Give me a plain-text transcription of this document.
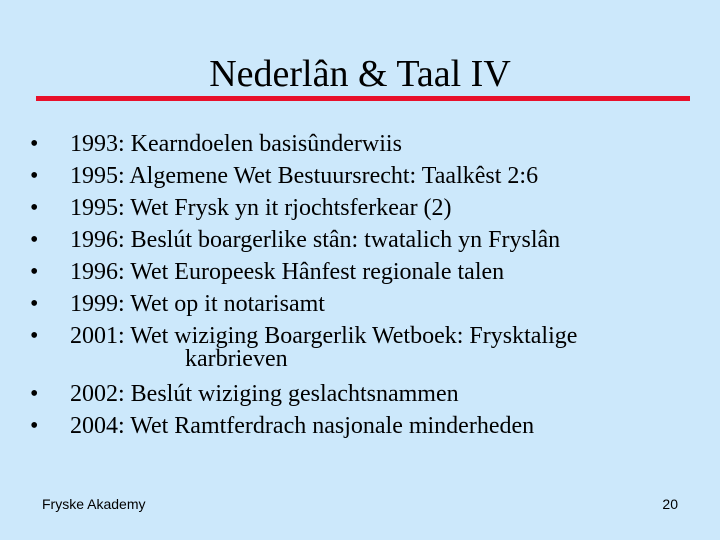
Nederlân & Taal IV
• 1993: Kearndoelen basisûnderwiis
• 1995: Algemene Wet Bestuursrecht: Taalkêst 2:6
• 1995: Wet Frysk yn it rjochtsferkear (2)
• 1996: Beslút boargerlike stân: twatalich yn Fryslân
• 1996: Wet Europeesk Hânfest regionale talen
• 1999: Wet op it notarisamt
• 2001: Wet wiziging Boargerlik Wetboek: Frysktalige
karbrieven
• 2002: Beslút wiziging geslachtsnammen
• 2004: Wet Ramtferdrach nasjonale minderheden
Fryske Akademy	20
